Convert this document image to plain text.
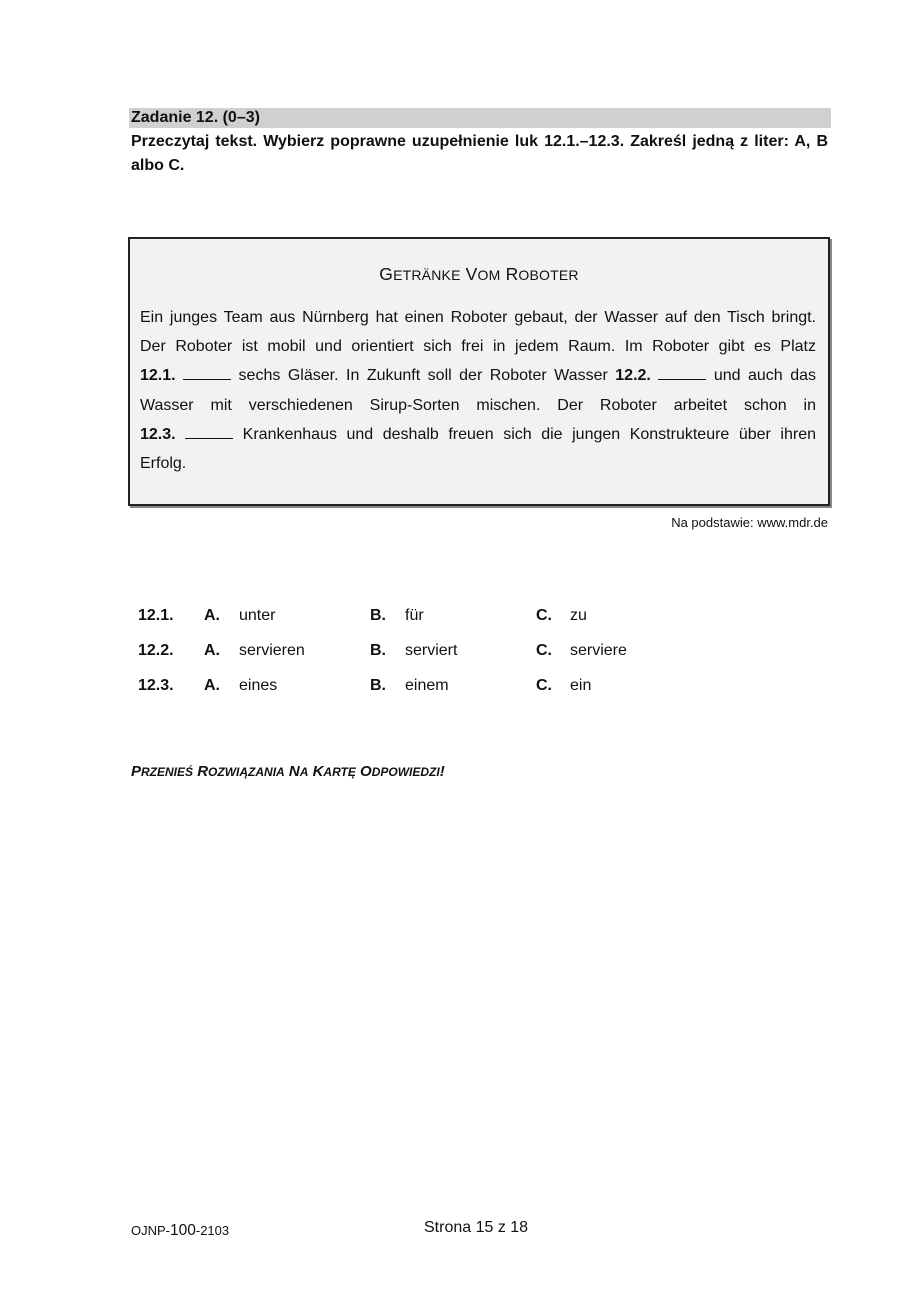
Zadanie 12. (0–3)
Przeczytaj tekst. Wybierz poprawne uzupełnienie luk 12.1.–12.3. Zakreśl jedną z liter: A, B albo C.
GETRÄNKE VOM ROBOTER
Ein junges Team aus Nürnberg hat einen Roboter gebaut, der Wasser auf den Tisch bringt.
Der Roboter ist mobil und orientiert sich frei in jedem Raum. Im Roboter gibt es Platz
12.1.	sechs Gläser. In Zukunft soll der Roboter Wasser 12.2.	und auch das
Wasser mit verschiedenen Sirup-Sorten mischen. Der Roboter arbeitet schon in
12.3.	Krankenhaus und deshalb freuen sich die jungen Konstrukteure über ihren
Erfolg.
Na podstawie: www.mdr.de
12.1. A. unter	B. für	C. zu
12.2. A. servieren	B. serviert	C. serviere
12.3. A. eines	B. einem	C. ein
PRZENIEŚ ROZWIĄZANIA NA KARTĘ ODPOWIEDZI!
OJNP-100-2103	Strona 15 z 18
